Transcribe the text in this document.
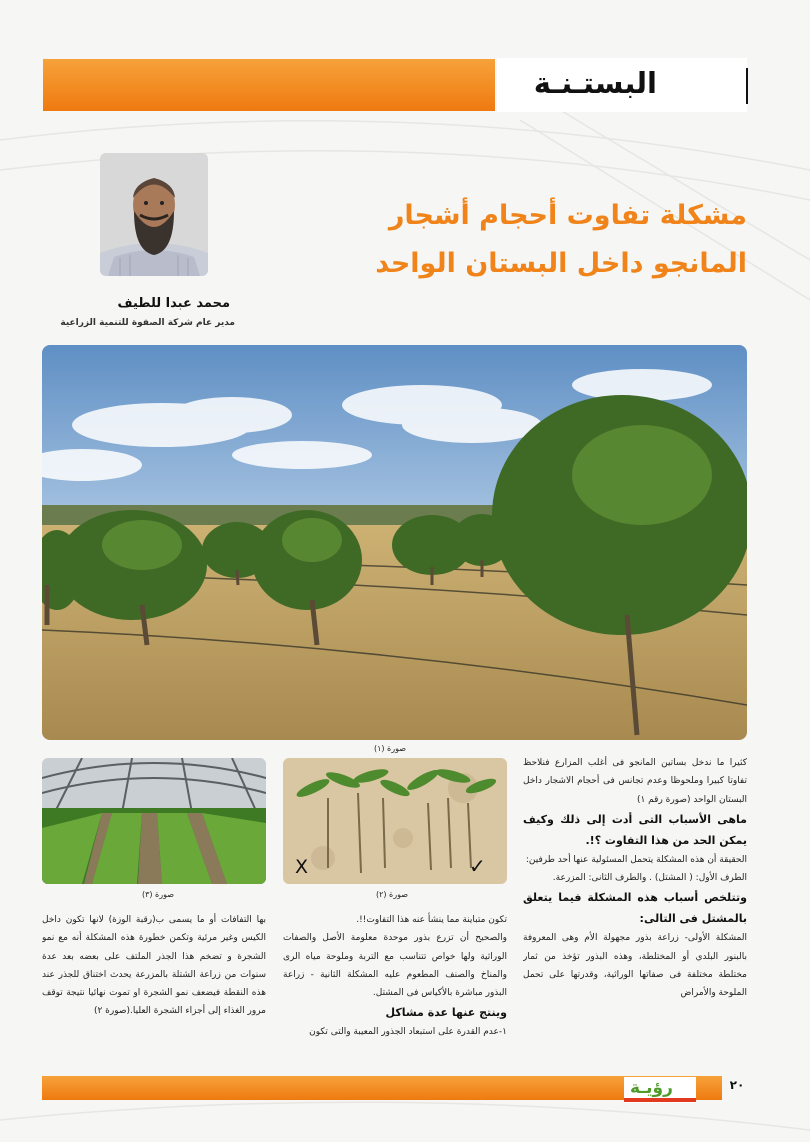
البستـنـة
مشكلة تفاوت أحجام أشجار
المانجو داخل البستان الواحد
محمد عبدا للطيف
مدير عام شركة الصفوة للتنمية الزراعية
صورة (١)
X	✓
صورة (٢)
صورة (٣)

كثيرا ما ندخل بساتين المانجو فى أغلب المزارع فنلاحظ تفاوتا كبيرا وملحوظا وعدم تجانس فى أحجام الاشجار داخل البستان الواحد (صورة رقم ١)

ماهى الأسباب التى أدت إلى ذلك وكيف يمكن الحد من هذا التفاوت ؟!.

الحقيقة أن هذه المشكلة يتحمل المسئولية عنها أحد طرفين:

الطرف الأول: ( المشتل) . والطرف الثانى: المزرعة.

وتتلخص أسباب هذه المشكلة فيما يتعلق بالمشتل فى التالى:

المشكلة الأولى- زراعة بذور مجهولة الأم وهى المعروفة بالبنور البلدي أو المختلطة، وهذه البذور تؤخذ من ثمار مختلطة مختلفة فى صفاتها الوراثية، وقدرتها على تحمل الملوحة والأمراض

تكون متباينة مما ينشأ عنه هذا التفاوت!!.

والصحيح أن تزرع بذور موحدة معلومة الأصل والصفات الوراثية ولها خواص تتناسب مع التربة وملوحة مياه الرى والمناخ والصنف المطعوم عليه المشكلة الثانية - زراعة البذور مباشرة بالأكياس فى المشتل.

وينتج عنها عدة مشاكل

١-عدم القدرة على استبعاد الجذور المعيبة والتى تكون

بها التفافات أو ما يسمى ب(رقبة الوزة) لانها تكون داخل الكيس وغير مرئية وتكمن خطورة هذه المشكلة أنه مع نمو الشجرة و تضخم هذا الجذر الملتف على بعضه بعد عدة سنوات من زراعة الشتلة بالمزرعة يحدث اختناق للجذر عند هذه النقطة فيضعف نمو الشجرة او تموت نهائيا نتيجة توقف مرور الغذاء إلى أجزاء الشجرة العليا.(صورة ٢)

رؤيـة	٢٠
